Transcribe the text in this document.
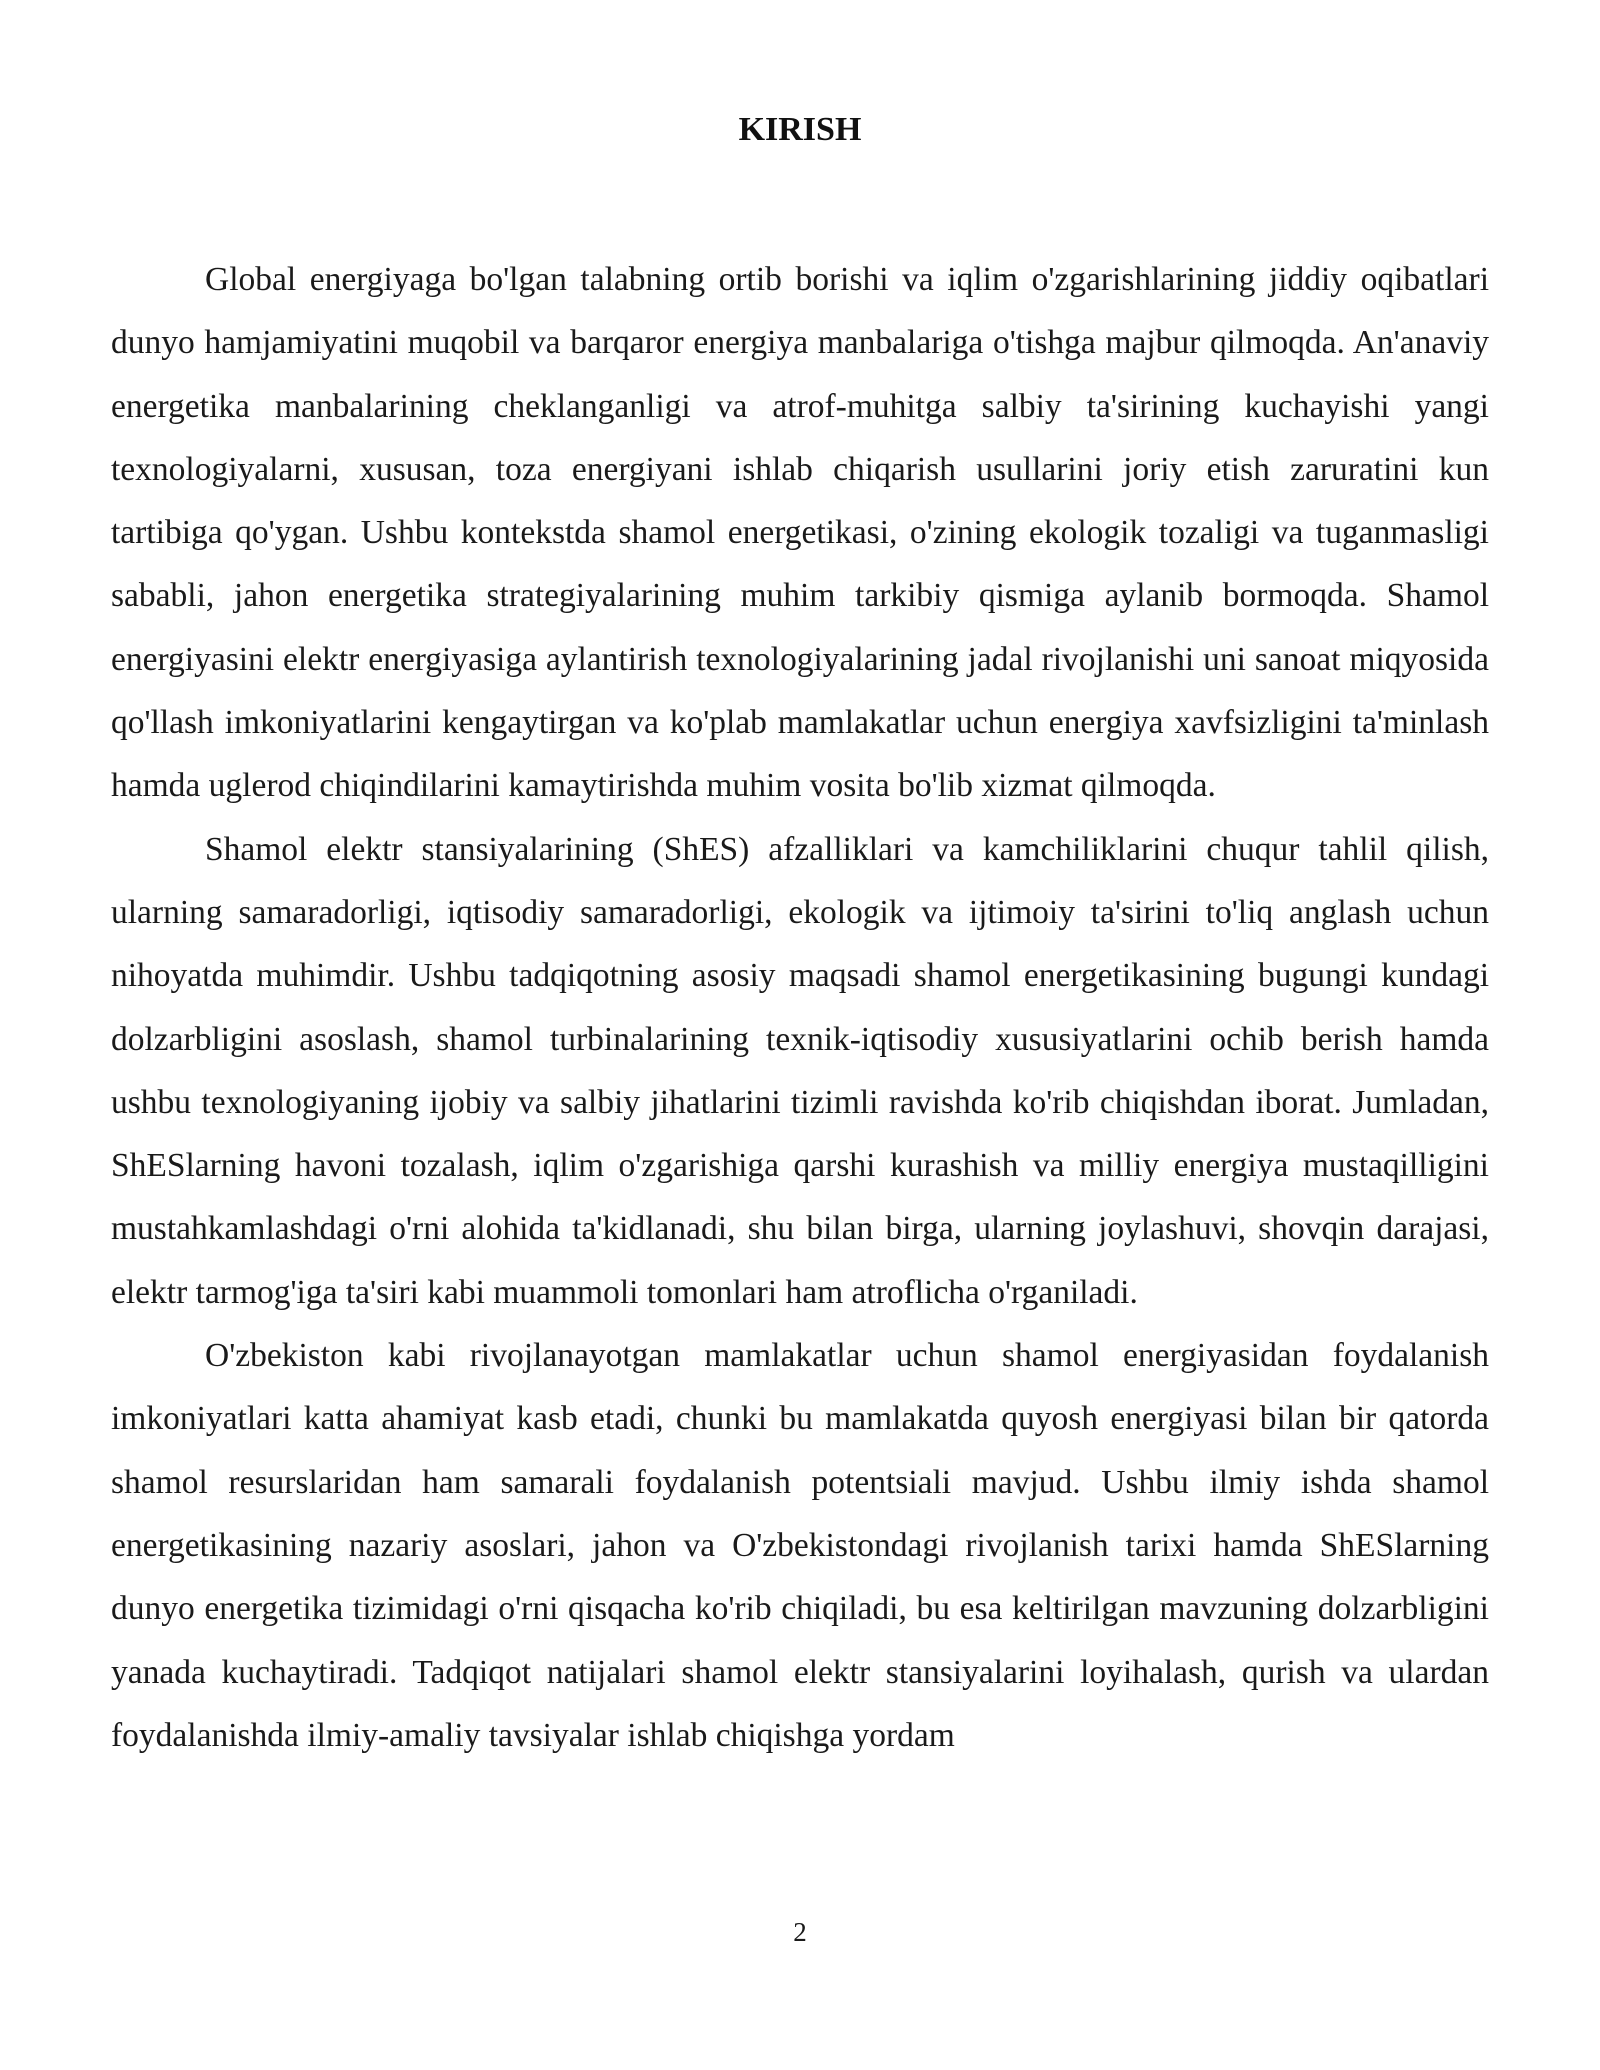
KIRISH

Global energiyaga bo'lgan talabning ortib borishi va iqlim o'zgarishlarining jiddiy oqibatlari dunyo hamjamiyatini muqobil va barqaror energiya manbalariga o'tishga majbur qilmoqda. An'anaviy energetika manbalarining cheklanganligi va atrof-muhitga salbiy ta'sirining kuchayishi yangi texnologiyalarni, xususan, toza energiyani ishlab chiqarish usullarini joriy etish zaruratini kun tartibiga qo'ygan. Ushbu kontekstda shamol energetikasi, o'zining ekologik tozaligi va tuganmasligi sababli, jahon energetika strategiyalarining muhim tarkibiy qismiga aylanib bormoqda. Shamol energiyasini elektr energiyasiga aylantirish texnologiyalarining jadal rivojlanishi uni sanoat miqyosida qo'llash imkoniyatlarini kengaytirgan va ko'plab mamlakatlar uchun energiya xavfsizligini ta'minlash hamda uglerod chiqindilarini kamaytirishda muhim vosita bo'lib xizmat qilmoqda.

Shamol elektr stansiyalarining (ShES) afzalliklari va kamchiliklarini chuqur tahlil qilish, ularning samaradorligi, iqtisodiy samaradorligi, ekologik va ijtimoiy ta'sirini to'liq anglash uchun nihoyatda muhimdir. Ushbu tadqiqotning asosiy maqsadi shamol energetikasining bugungi kundagi dolzarbligini asoslash, shamol turbinalarining texnik-iqtisodiy xususiyatlarini ochib berish hamda ushbu texnologiyaning ijobiy va salbiy jihatlarini tizimli ravishda ko'rib chiqishdan iborat. Jumladan, ShESlarning havoni tozalash, iqlim o'zgarishiga qarshi kurashish va milliy energiya mustaqilligini mustahkamlashdagi o'rni alohida ta'kidlanadi, shu bilan birga, ularning joylashuvi, shovqin darajasi, elektr tarmog'iga ta'siri kabi muammoli tomonlari ham atroflicha o'rganiladi.

O'zbekiston kabi rivojlanayotgan mamlakatlar uchun shamol energiyasidan foydalanish imkoniyatlari katta ahamiyat kasb etadi, chunki bu mamlakatda quyosh energiyasi bilan bir qatorda shamol resurslaridan ham samarali foydalanish potentsiali mavjud. Ushbu ilmiy ishda shamol energetikasining nazariy asoslari, jahon va O'zbekistondagi rivojlanish tarixi hamda ShESlarning dunyo energetika tizimidagi o'rni qisqacha ko'rib chiqiladi, bu esa keltirilgan mavzuning dolzarbligini yanada kuchaytiradi. Tadqiqot natijalari shamol elektr stansiyalarini loyihalash, qurish va ulardan foydalanishda ilmiy-amaliy tavsiyalar ishlab chiqishga yordam

2
